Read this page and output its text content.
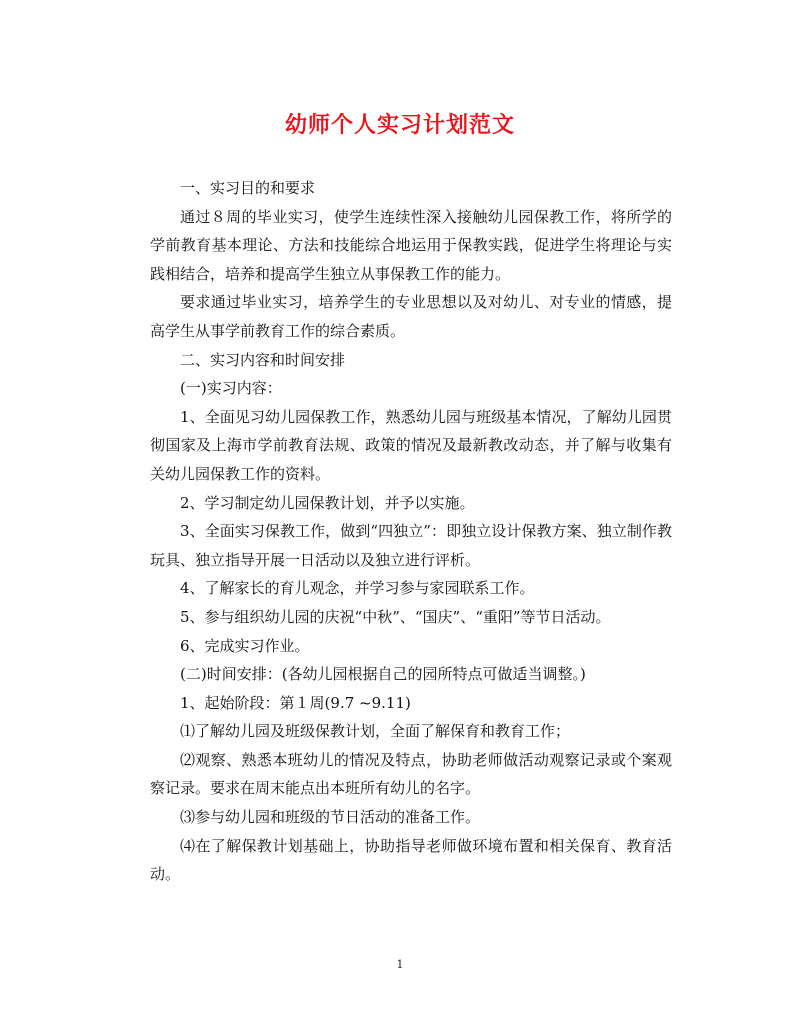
幼师个人实习计划范文

一、实习目的和要求

通过８周的毕业实习，使学生连续性深入接触幼儿园保教工作，将所学的学前教育基本理论、方法和技能综合地运用于保教实践，促进学生将理论与实践相结合，培养和提高学生独立从事保教工作的能力。

要求通过毕业实习，培养学生的专业思想以及对幼儿、对专业的情感，提高学生从事学前教育工作的综合素质。

二、实习内容和时间安排

(一)实习内容：

1、全面见习幼儿园保教工作，熟悉幼儿园与班级基本情况，了解幼儿园贯彻国家及上海市学前教育法规、政策的情况及最新教改动态，并了解与收集有关幼儿园保教工作的资料。

2、学习制定幼儿园保教计划，并予以实施。

3、全面实习保教工作，做到“四独立”：即独立设计保教方案、独立制作教玩具、独立指导开展一日活动以及独立进行评析。

4、了解家长的育儿观念，并学习参与家园联系工作。

5、参与组织幼儿园的庆祝“中秋”、“国庆”、“重阳”等节日活动。

6、完成实习作业。

(二)时间安排：(各幼儿园根据自己的园所特点可做适当调整。)

1、起始阶段：第１周(9.7 ~9.11)

⑴了解幼儿园及班级保教计划，全面了解保育和教育工作；

⑵观察、熟悉本班幼儿的情况及特点，协助老师做活动观察记录或个案观察记录。要求在周末能点出本班所有幼儿的名字。

⑶参与幼儿园和班级的节日活动的准备工作。

⑷在了解保教计划基础上，协助指导老师做环境布置和相关保育、教育活动。

1
